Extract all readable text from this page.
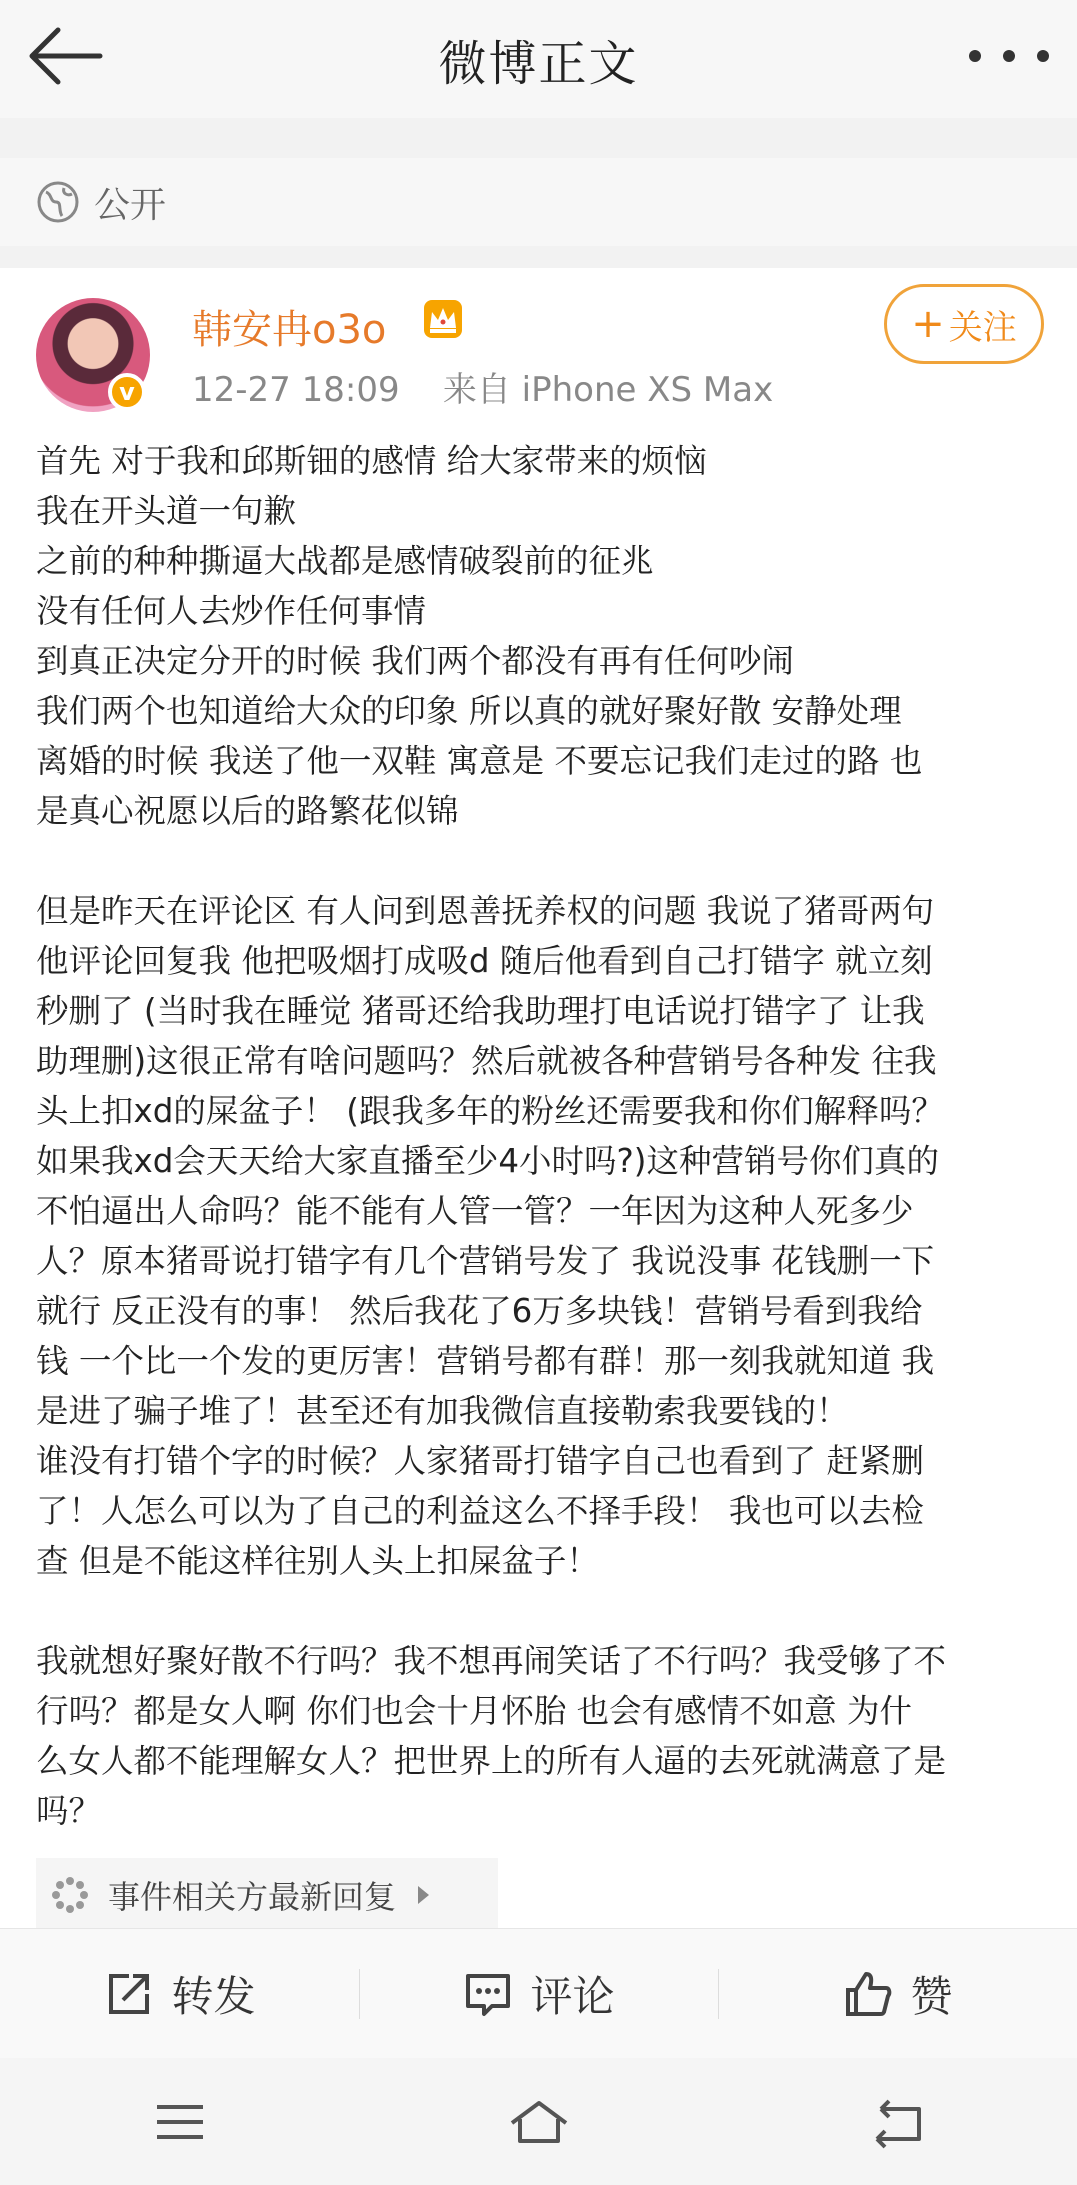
微博正文
公开
v
韩安冉o3o
12-27 18:09 来自 iPhone XS Max
+ 关注

首先 对于我和邱斯钿的感情 给大家带来的烦恼

我在开头道一句歉

之前的种种撕逼大战都是感情破裂前的征兆

没有任何人去炒作任何事情

到真正决定分开的时候 我们两个都没有再有任何吵闹

我们两个也知道给大众的印象 所以真的就好聚好散 安静处理

离婚的时候 我送了他一双鞋 寓意是 不要忘记我们走过的路 也

是真心祝愿以后的路繁花似锦

但是昨天在评论区 有人问到恩善抚养权的问题 我说了猪哥两句

他评论回复我 他把吸烟打成吸d 随后他看到自己打错字 就立刻

秒删了 (当时我在睡觉 猪哥还给我助理打电话说打错字了 让我

助理删)这很正常有啥问题吗？然后就被各种营销号各种发 往我

头上扣xd的屎盆子！ (跟我多年的粉丝还需要我和你们解释吗？

如果我xd会天天给大家直播至少4小时吗?)这种营销号你们真的

不怕逼出人命吗？能不能有人管一管？一年因为这种人死多少

人？原本猪哥说打错字有几个营销号发了 我说没事 花钱删一下

就行 反正没有的事！ 然后我花了6万多块钱！营销号看到我给

钱 一个比一个发的更厉害！营销号都有群！那一刻我就知道 我

是进了骗子堆了！甚至还有加我微信直接勒索我要钱的！

谁没有打错个字的时候？人家猪哥打错字自己也看到了 赶紧删

了！人怎么可以为了自己的利益这么不择手段！ 我也可以去检

查 但是不能这样往别人头上扣屎盆子！

我就想好聚好散不行吗？我不想再闹笑话了不行吗？我受够了不

行吗？都是女人啊 你们也会十月怀胎 也会有感情不如意 为什

么女人都不能理解女人？把世界上的所有人逼的去死就满意了是

吗？

事件相关方最新回复
转发	评论	赞
